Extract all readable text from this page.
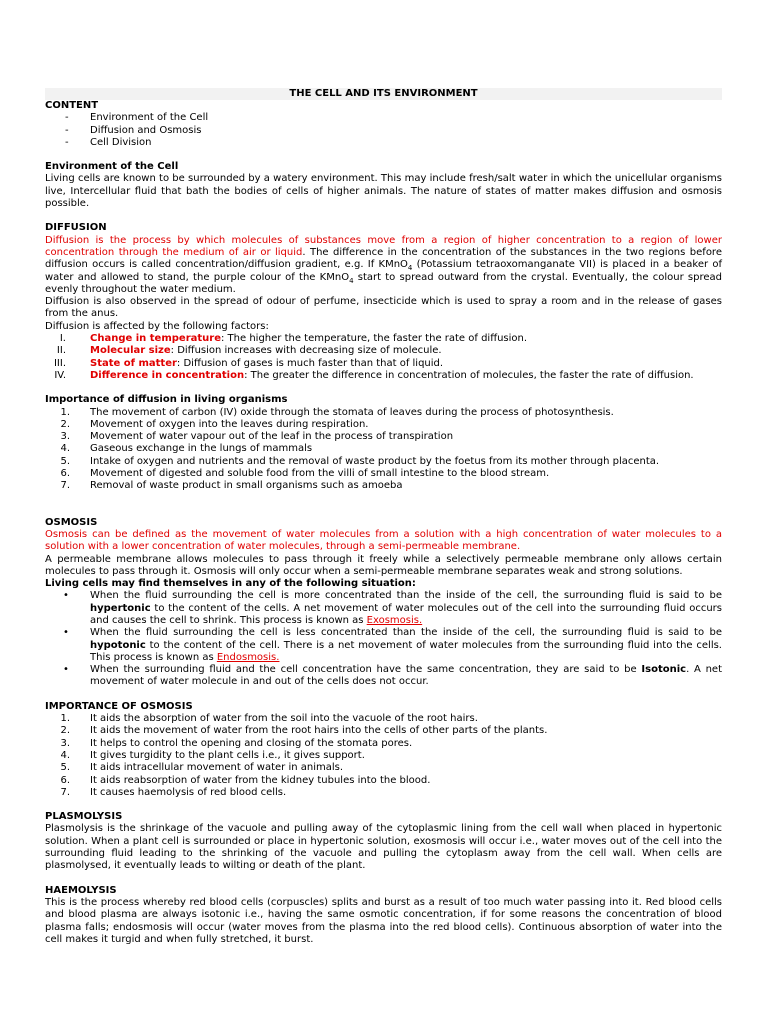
THE CELL AND ITS ENVIRONMENT
CONTENT
-	Environment of the Cell
-	Diffusion and Osmosis
-	Cell Division
Environment of the Cell
Living cells are known to be surrounded by a watery environment. This may include fresh/salt water in which the unicellular organisms live, Intercellular fluid that bath the bodies of cells of higher animals. The nature of states of matter makes diffusion and osmosis possible.
DIFFUSION
Diffusion is the process by which molecules of substances move from a region of higher concentration to a region of lower concentration through the medium of air or liquid. The difference in the concentration of the substances in the two regions before diffusion occurs is called concentration/diffusion gradient, e.g. If KMnO$_4$ (Potassium tetraoxomanganate VII) is placed in a beaker of water and allowed to stand, the purple colour of the KMnO$_4$ start to spread outward from the crystal. Eventually, the colour spread evenly throughout the water medium.
Diffusion is also observed in the spread of odour of perfume, insecticide which is used to spray a room and in the release of gases from the anus.
Diffusion is affected by the following factors:
I. Change in temperature: The higher the temperature, the faster the rate of diffusion.
II. Molecular size: Diffusion increases with decreasing size of molecule.
III. State of matter: Diffusion of gases is much faster than that of liquid.
IV. Difference in concentration: The greater the difference in concentration of molecules, the faster the rate of diffusion.
Importance of diffusion in living organisms
1. The movement of carbon (IV) oxide through the stomata of leaves during the process of photosynthesis.
2. Movement of oxygen into the leaves during respiration.
3. Movement of water vapour out of the leaf in the process of transpiration
4. Gaseous exchange in the lungs of mammals
5. Intake of oxygen and nutrients and the removal of waste product by the foetus from its mother through placenta.
6. Movement of digested and soluble food from the villi of small intestine to the blood stream.
7. Removal of waste product in small organisms such as amoeba
OSMOSIS
Osmosis can be defined as the movement of water molecules from a solution with a high concentration of water molecules to a solution with a lower concentration of water molecules, through a semi-permeable membrane.
A permeable membrane allows molecules to pass through it freely while a selectively permeable membrane only allows certain molecules to pass through it. Osmosis will only occur when a semi-permeable membrane separates weak and strong solutions.
Living cells may find themselves in any of the following situation:
• When the fluid surrounding the cell is more concentrated than the inside of the cell, the surrounding fluid is said to be hypertonic to the content of the cells. A net movement of water molecules out of the cell into the surrounding fluid occurs and causes the cell to shrink. This process is known as Exosmosis.
• When the fluid surrounding the cell is less concentrated than the inside of the cell, the surrounding fluid is said to be hypotonic to the content of the cell. There is a net movement of water molecules from the surrounding fluid into the cells. This process is known as Endosmosis.
• When the surrounding fluid and the cell concentration have the same concentration, they are said to be Isotonic. A net movement of water molecule in and out of the cells does not occur.
IMPORTANCE OF OSMOSIS
1. It aids the absorption of water from the soil into the vacuole of the root hairs.
2. It aids the movement of water from the root hairs into the cells of other parts of the plants.
3. It helps to control the opening and closing of the stomata pores.
4. It gives turgidity to the plant cells i.e., it gives support.
5. It aids intracellular movement of water in animals.
6. It aids reabsorption of water from the kidney tubules into the blood.
7. It causes haemolysis of red blood cells.
PLASMOLYSIS
Plasmolysis is the shrinkage of the vacuole and pulling away of the cytoplasmic lining from the cell wall when placed in hypertonic solution. When a plant cell is surrounded or place in hypertonic solution, exosmosis will occur i.e., water moves out of the cell into the surrounding fluid leading to the shrinking of the vacuole and pulling the cytoplasm away from the cell wall. When cells are plasmolysed, it eventually leads to wilting or death of the plant.
HAEMOLYSIS
This is the process whereby red blood cells (corpuscles) splits and burst as a result of too much water passing into it. Red blood cells and blood plasma are always isotonic i.e., having the same osmotic concentration, if for some reasons the concentration of blood plasma falls; endosmosis will occur (water moves from the plasma into the red blood cells). Continuous absorption of water into the cell makes it turgid and when fully stretched, it burst.
